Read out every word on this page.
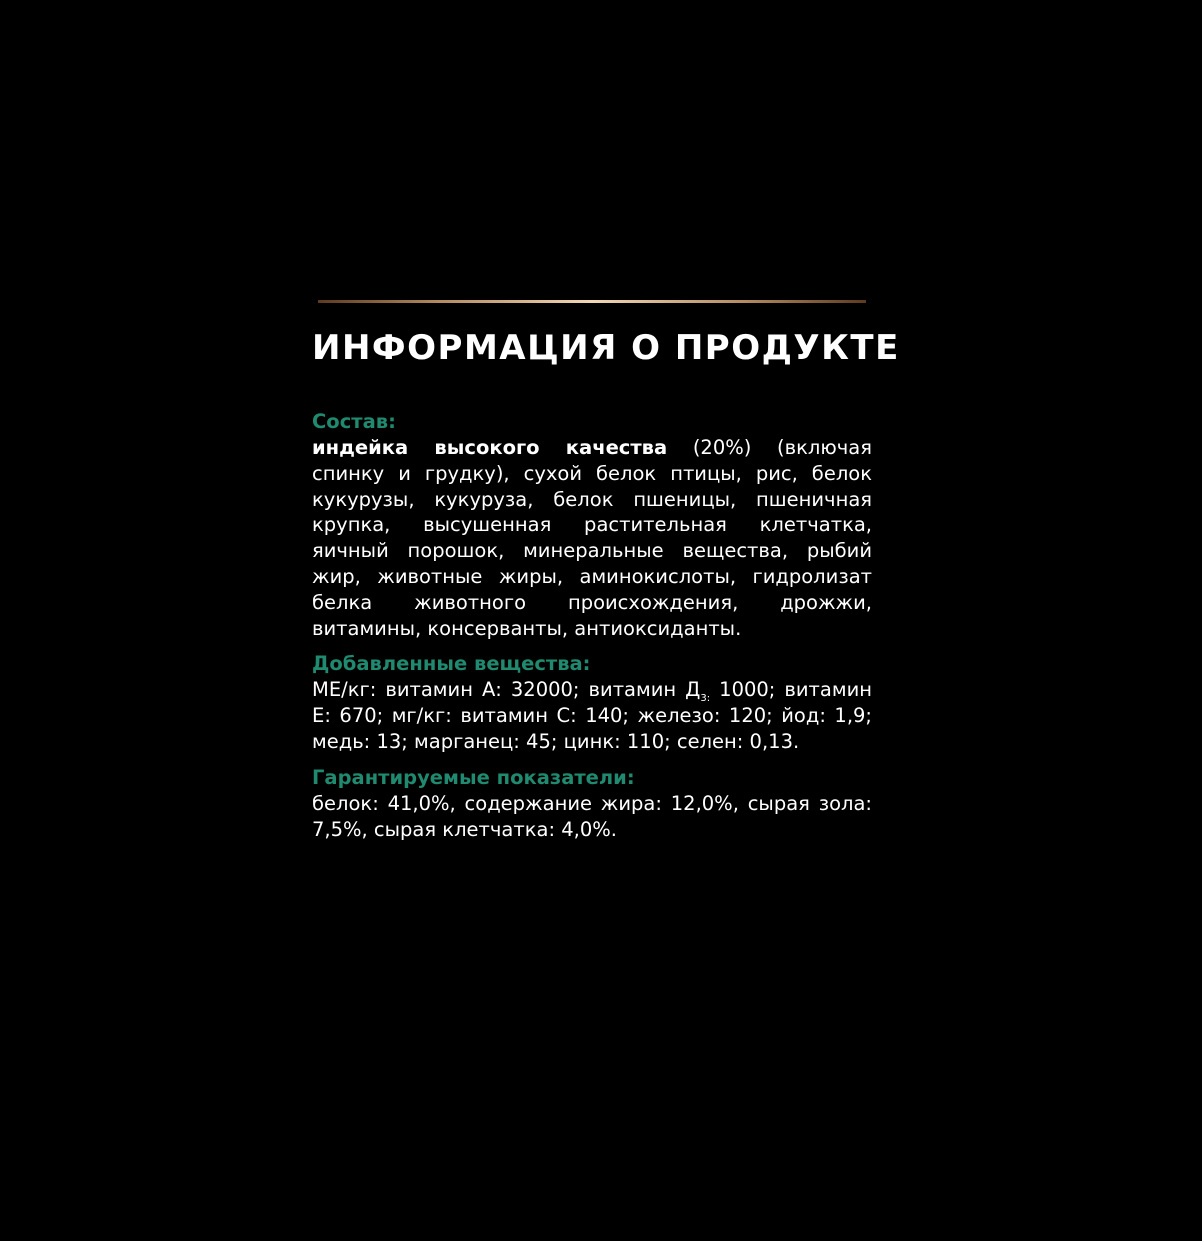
ИНФОРМАЦИЯ О ПРОДУКТЕ
Состав:
индейка высокого качества (20%) (включая спинку и грудку), сухой белок птицы, рис, белок кукурузы, кукуруза, белок пшеницы, пшеничная крупка, высушенная растительная клетчатка, яичный порошок, минеральные вещества, рыбий жир, животные жиры, аминокислоты, гидролизат белка животного происхождения, дрожжи, витамины, консерванты, антиоксиданты.
Добавленные вещества:
МЕ/кг: витамин А: 32000; витамин $Д_{3:}$ 1000; витамин Е: 670; мг/кг: витамин С: 140; железо: 120; йод: 1,9; медь: 13; марганец: 45; цинк: 110; селен: 0,13.
Гарантируемые показатели:
белок: 41,0%, содержание жира: 12,0%, сырая зола: 7,5%, сырая клетчатка: 4,0%.
